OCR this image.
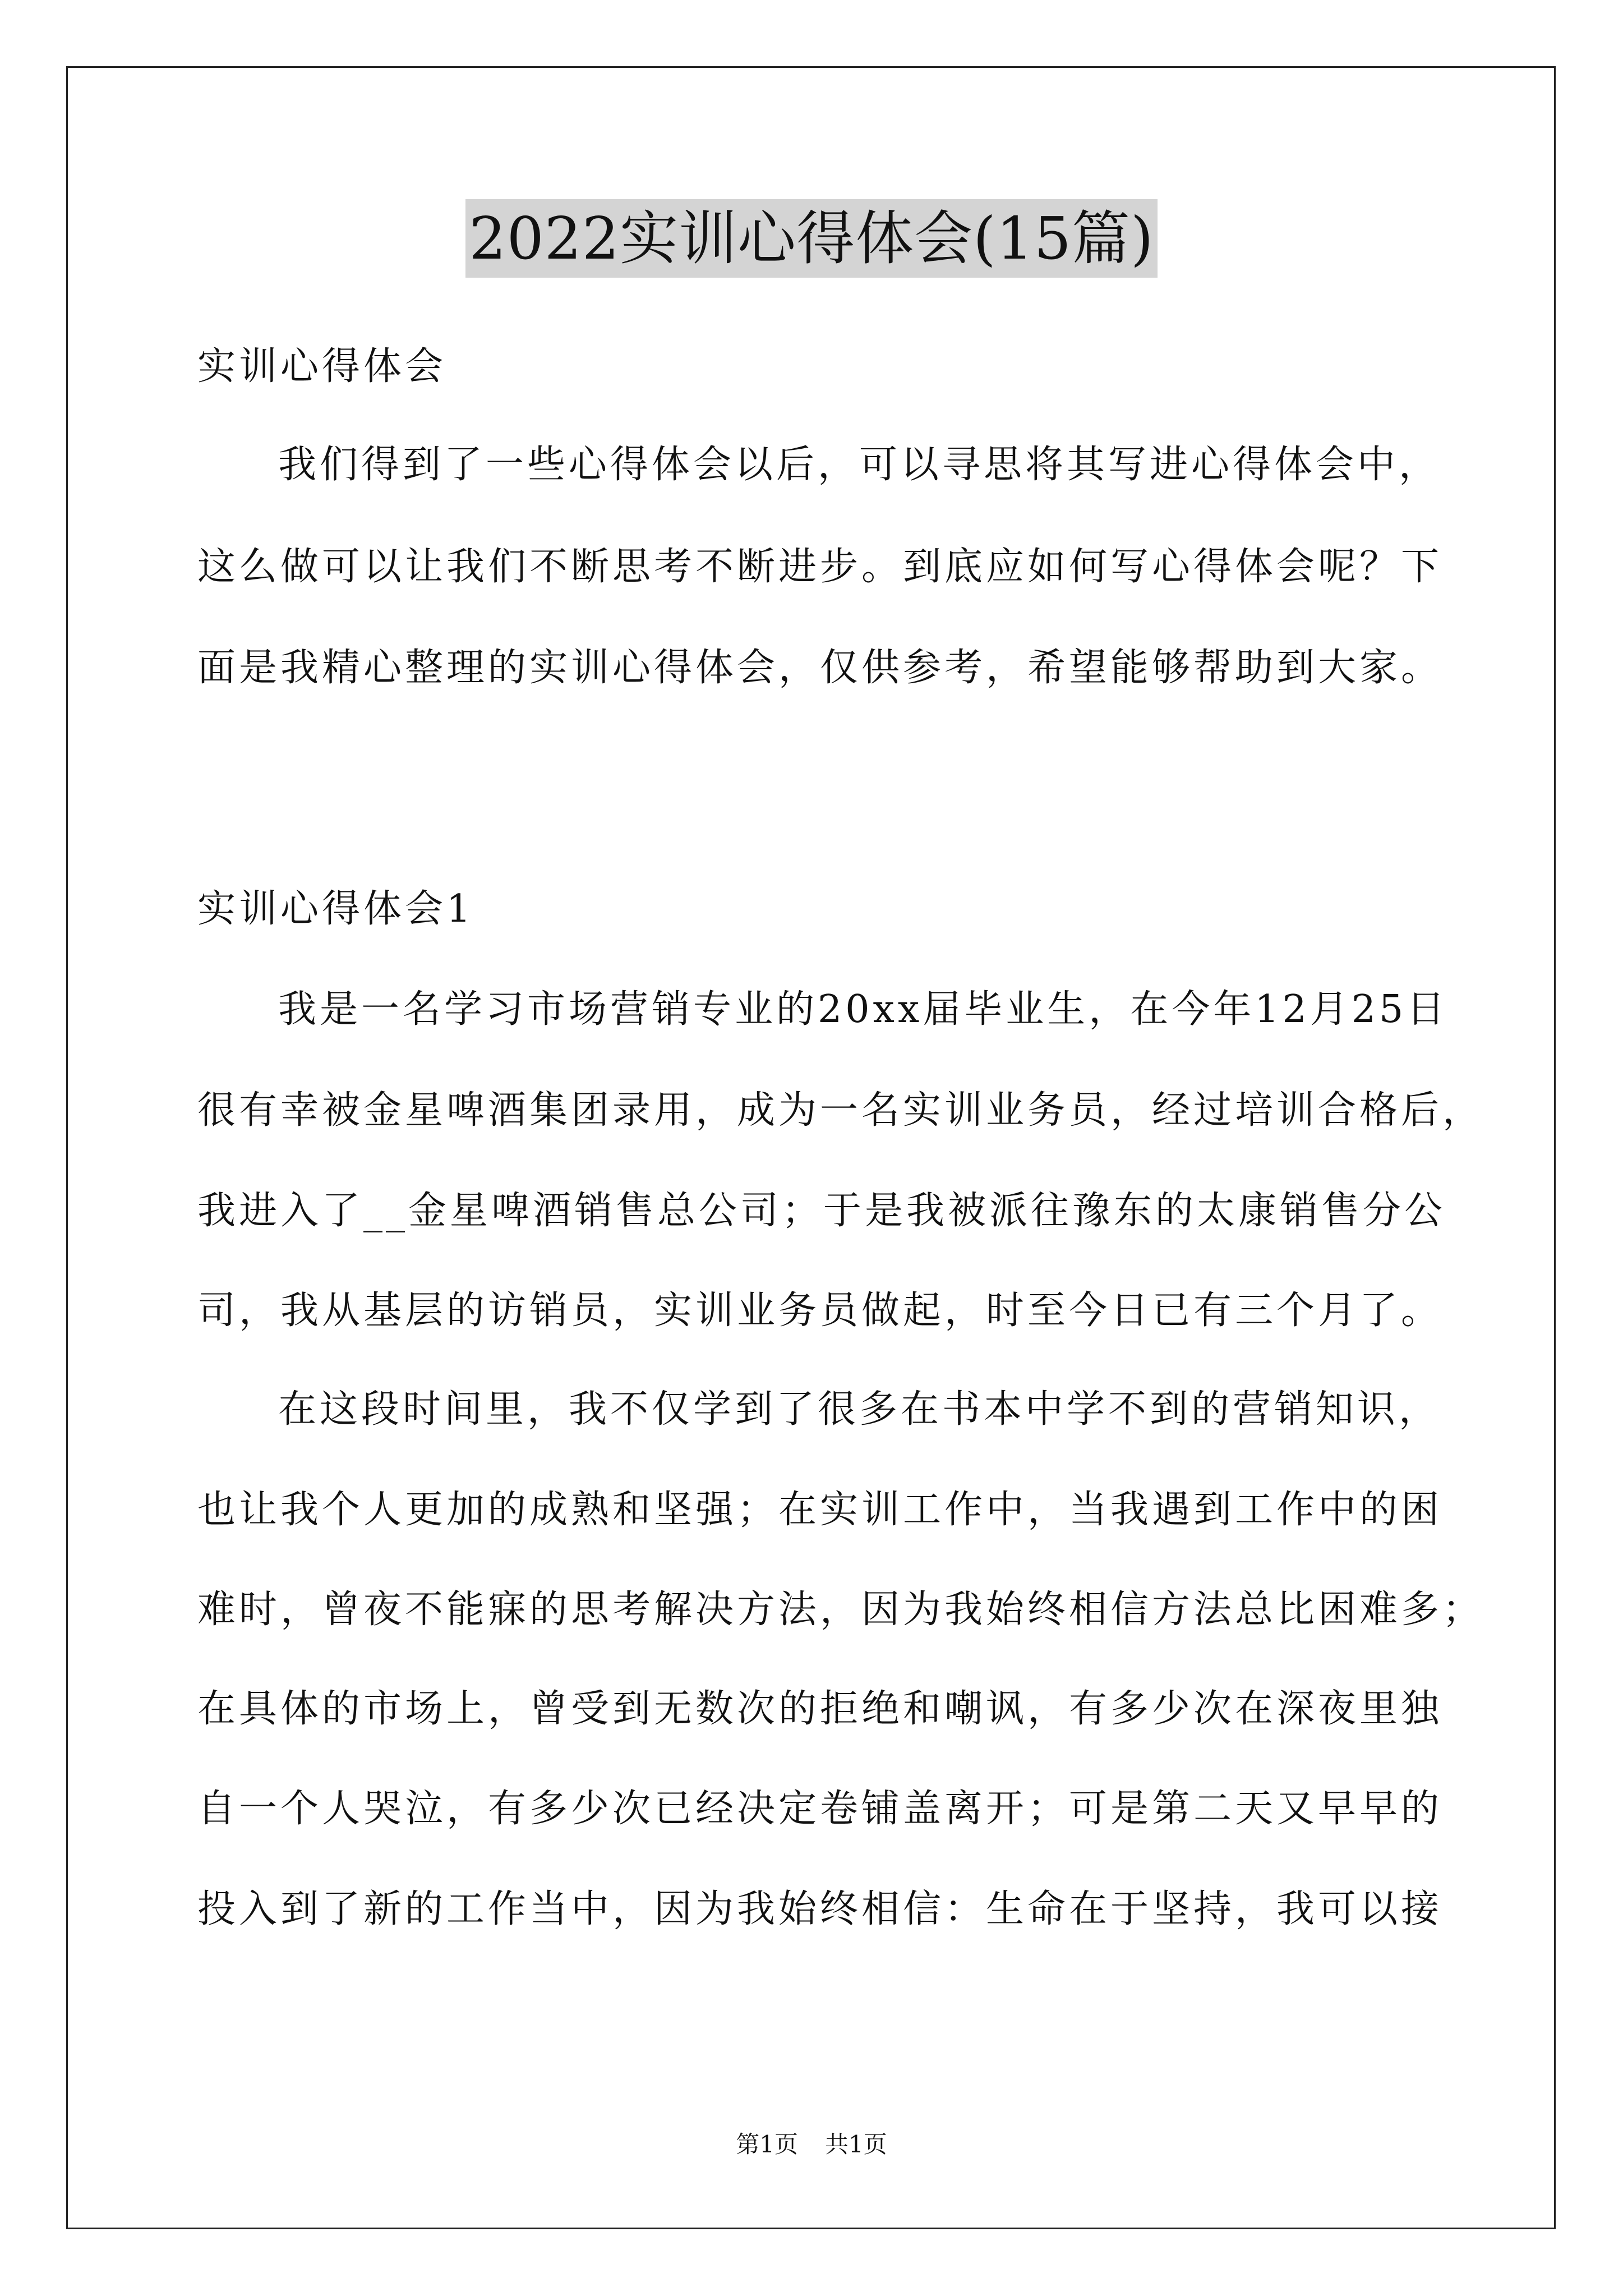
2022实训心得体会(15篇)

实训心得体会

我们得到了一些心得体会以后，可以寻思将其写进心得体会中，

这么做可以让我们不断思考不断进步。到底应如何写心得体会呢？下

面是我精心整理的实训心得体会，仅供参考，希望能够帮助到大家。

实训心得体会1

我是一名学习市场营销专业的20xx届毕业生，在今年12月25日

很有幸被金星啤酒集团录用，成为一名实训业务员，经过培训合格后，

我进入了__金星啤酒销售总公司；于是我被派往豫东的太康销售分公

司，我从基层的访销员，实训业务员做起，时至今日已有三个月了。

在这段时间里，我不仅学到了很多在书本中学不到的营销知识，

也让我个人更加的成熟和坚强；在实训工作中，当我遇到工作中的困

难时，曾夜不能寐的思考解决方法，因为我始终相信方法总比困难多；

在具体的市场上，曾受到无数次的拒绝和嘲讽，有多少次在深夜里独

自一个人哭泣，有多少次已经决定卷铺盖离开；可是第二天又早早的

投入到了新的工作当中，因为我始终相信：生命在于坚持，我可以接

第1页 共1页
